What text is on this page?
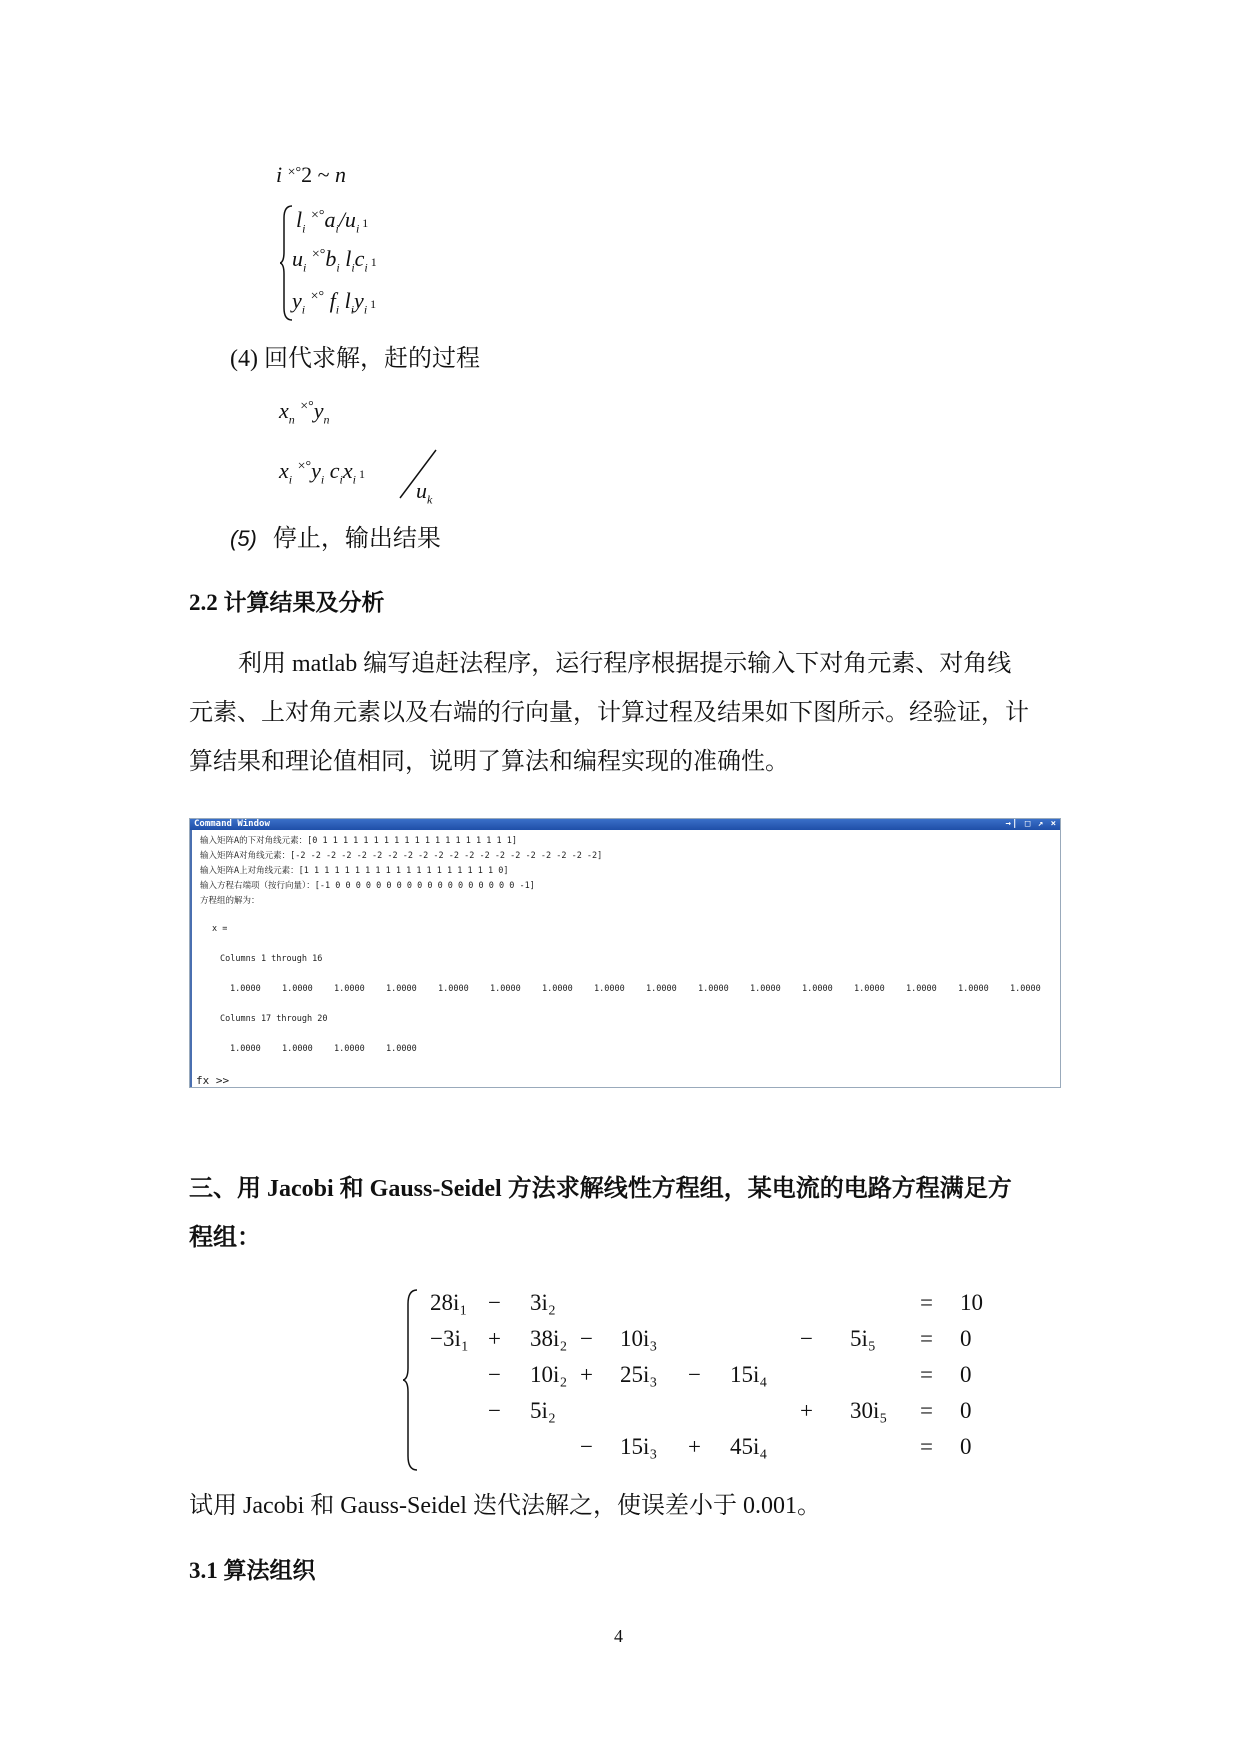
i ×°2 ~ n
$l_i$ $^{\times^\circ}a_i/u_i$ 1
$u_i$ $^{\times^\circ}b_i$ $l_ic_i$ 1
$y_i$ ×° $f_i$ $l_iy_i$ 1
(4) 回代求解，赶的过程
$x_n$ $^{\times^\circ}y_n$
$x_i$ $^{\times^\circ}y_i$ $c_ix_i$ 1
$u_k$
(5) 停止，输出结果
2.2 计算结果及分析
利用 matlab 编写追赶法程序，运行程序根据提示输入下对角元素、对角线
元素、上对角元素以及右端的行向量，计算过程及结果如下图所示。经验证，计
算结果和理论值相同，说明了算法和编程实现的准确性。
Command Window	→| □ ↗ ×
输入矩阵A的下对角线元素：[0 1 1 1 1 1 1 1 1 1 1 1 1 1 1 1 1 1 1 1]
输入矩阵A对角线元素：[-2 -2 -2 -2 -2 -2 -2 -2 -2 -2 -2 -2 -2 -2 -2 -2 -2 -2 -2 -2]
输入矩阵A上对角线元素：[1 1 1 1 1 1 1 1 1 1 1 1 1 1 1 1 1 1 1 0]
输入方程右端项（按行向量）：[-1 0 0 0 0 0 0 0 0 0 0 0 0 0 0 0 0 0 0 -1]
方程组的解为：
x =
Columns 1 through 16
1.0000	1.0000	1.0000	1.0000	1.0000	1.0000	1.0000	1.0000	1.0000	1.0000	1.0000	1.0000	1.0000	1.0000	1.0000	1.0000
Columns 17 through 20
1.0000	1.0000	1.0000	1.0000
fx >>
三、用 Jacobi 和 Gauss-Seidel 方法求解线性方程组，某电流的电路方程满足方
程组：
28i₁ − 3i₂	= 10
−3i₁ + 38i₂ − 10i₃	− 5i₅ = 0
− 10i₂ + 25i₃ − 15i₄	= 0
− 5i₂	+ 30i₅ = 0
− 15i₃ + 45i₄	= 0
试用 Jacobi 和 Gauss-Seidel 迭代法解之，使误差小于 0.001。
3.1 算法组织
4
